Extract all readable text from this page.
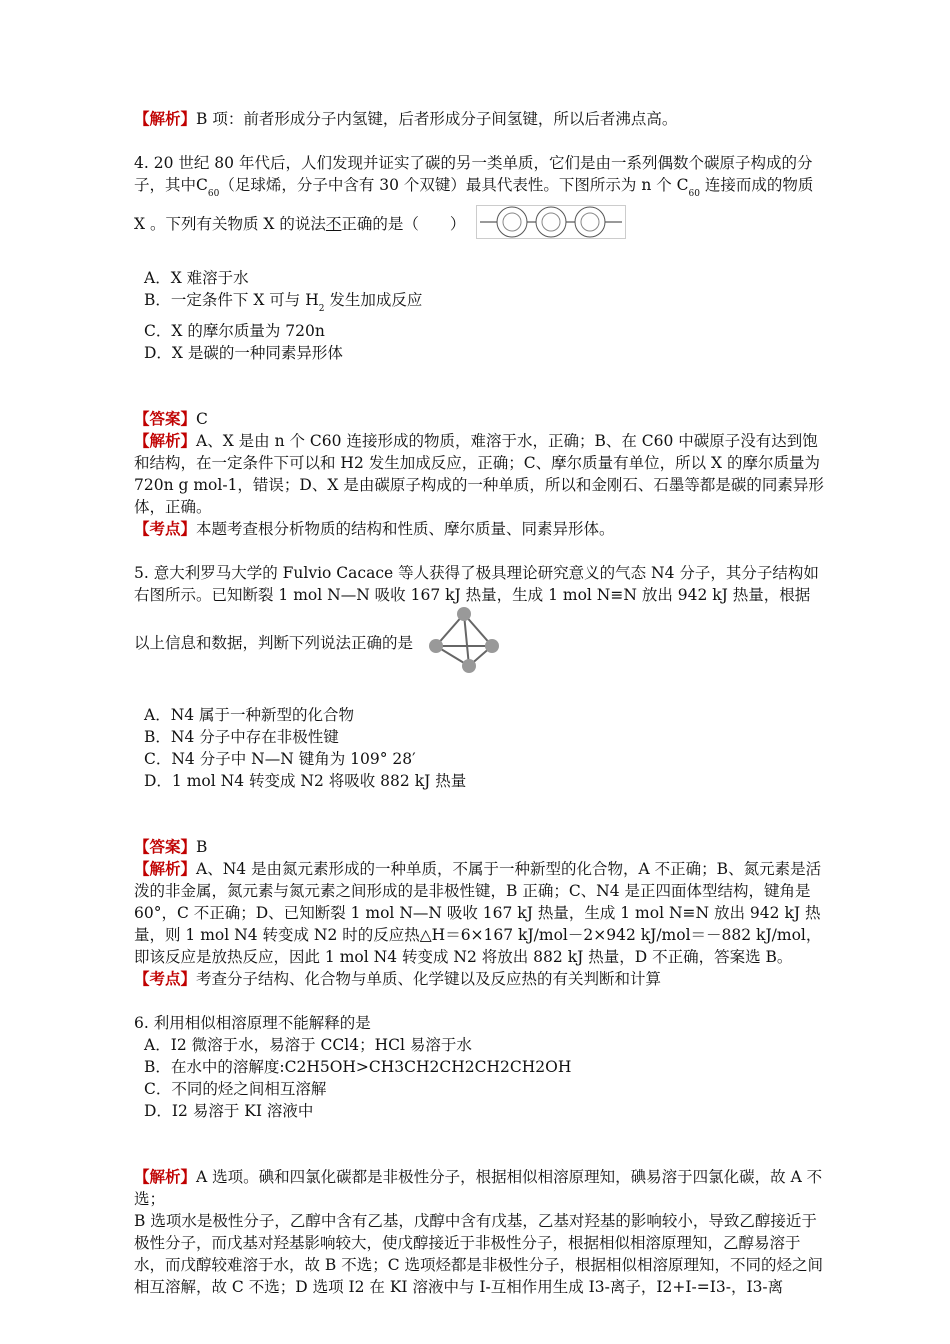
【解析】B 项：前者形成分子内氢键，后者形成分子间氢键，所以后者沸点高。

4. 20 世纪 80 年代后，人们发现并证实了碳的另一类单质，它们是由一系列偶数个碳原子构成的分子，其中$C_{60}$（足球烯，分子中含有 30 个双键）最具代表性。下图所示为 n 个 $C_{60}$ 连接而成的物质 X 。下列有关物质 X 的说法不正确的是（　　）

A．X 难溶于水

B．一定条件下 X 可与 $H_2$ 发生加成反应

C．X 的摩尔质量为 720n

D．X 是碳的一种同素异形体

【答案】C

【解析】A、X 是由 n 个 C60 连接形成的物质，难溶于水，正确；B、在 C60 中碳原子没有达到饱和结构，在一定条件下可以和 H2 发生加成反应，正确；C、摩尔质量有单位，所以 X 的摩尔质量为 720n g mol-1，错误；D、X 是由碳原子构成的一种单质，所以和金刚石、石墨等都是碳的同素异形体，正确。

【考点】本题考查根分析物质的结构和性质、摩尔质量、同素异形体。

5. 意大利罗马大学的 Fulvio Cacace 等人获得了极具理论研究意义的气态 N4 分子，其分子结构如右图所示。已知断裂 1 mol N—N 吸收 167 kJ 热量，生成 1 mol N≡N 放出 942 kJ 热量，根据以上信息和数据，判断下列说法正确的是

A．N4 属于一种新型的化合物

B．N4 分子中存在非极性键

C．N4 分子中 N—N 键角为 109° 28′

D．1 mol N4 转变成 N2 将吸收 882 kJ 热量

【答案】B

【解析】A、N4 是由氮元素形成的一种单质，不属于一种新型的化合物，A 不正确；B、氮元素是活泼的非金属，氮元素与氮元素之间形成的是非极性键，B 正确；C、N4 是正四面体型结构，键角是 60°，C 不正确；D、已知断裂 1 mol N—N 吸收 167 kJ 热量，生成 1 mol N≡N 放出 942 kJ 热量，则 1 mol N4 转变成 N2 时的反应热△H＝6×167 kJ/mol－2×942 kJ/mol＝－882 kJ/mol，即该反应是放热反应，因此 1 mol N4 转变成 N2 将放出 882 kJ 热量，D 不正确，答案选 B。

【考点】考查分子结构、化合物与单质、化学键以及反应热的有关判断和计算

6. 利用相似相溶原理不能解释的是

A．I2 微溶于水，易溶于 CCl4；HCl 易溶于水

B．在水中的溶解度:C2H5OH>CH3CH2CH2CH2CH2OH

C．不同的烃之间相互溶解

D．I2 易溶于 KI 溶液中

【解析】A 选项。碘和四氯化碳都是非极性分子，根据相似相溶原理知，碘易溶于四氯化碳，故 A 不选；

B 选项水是极性分子，乙醇中含有乙基，戊醇中含有戊基，乙基对羟基的影响较小，导致乙醇接近于极性分子，而戊基对羟基影响较大，使戊醇接近于非极性分子，根据相似相溶原理知，乙醇易溶于水，而戊醇较难溶于水，故 B 不选；C 选项烃都是非极性分子，根据相似相溶原理知，不同的烃之间相互溶解，故 C 不选；D 选项 I2 在 KI 溶液中与 I-互相作用生成 I3-离子，I2+I-=I3-，I3-离
